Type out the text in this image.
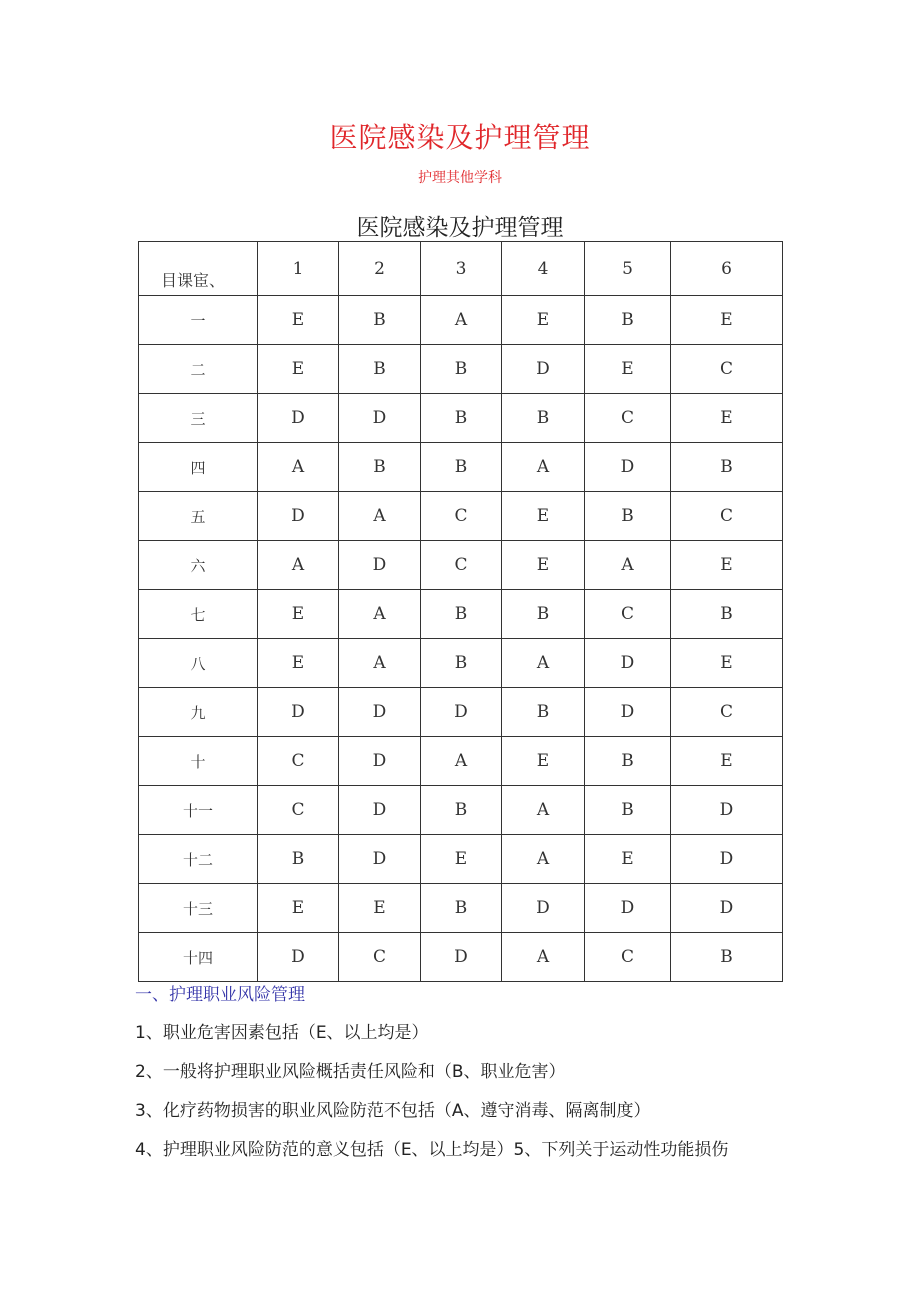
医院感染及护理管理
护理其他学科
医院感染及护理管理
目课宦、	1	2	3	4	5	6
一	E	B	A	E	B	E
二	E	B	B	D	E	C
三	D	D	B	B	C	E
四	A	B	B	A	D	B
五	D	A	C	E	B	C
六	A	D	C	E	A	E
七	E	A	B	B	C	B
八	E	A	B	A	D	E
九	D	D	D	B	D	C
十	C	D	A	E	B	E
十一	C	D	B	A	B	D
十二	B	D	E	A	E	D
十三	E	E	B	D	D	D
十四	D	C	D	A	C	B
一、护理职业风险管理
1、职业危害因素包括（E、以上均是）
2、一般将护理职业风险概括责任风险和（B、职业危害）
3、化疗药物损害的职业风险防范不包括（A、遵守消毒、隔离制度）
4、护理职业风险防范的意义包括（E、以上均是）5、下列关于运动性功能损伤
